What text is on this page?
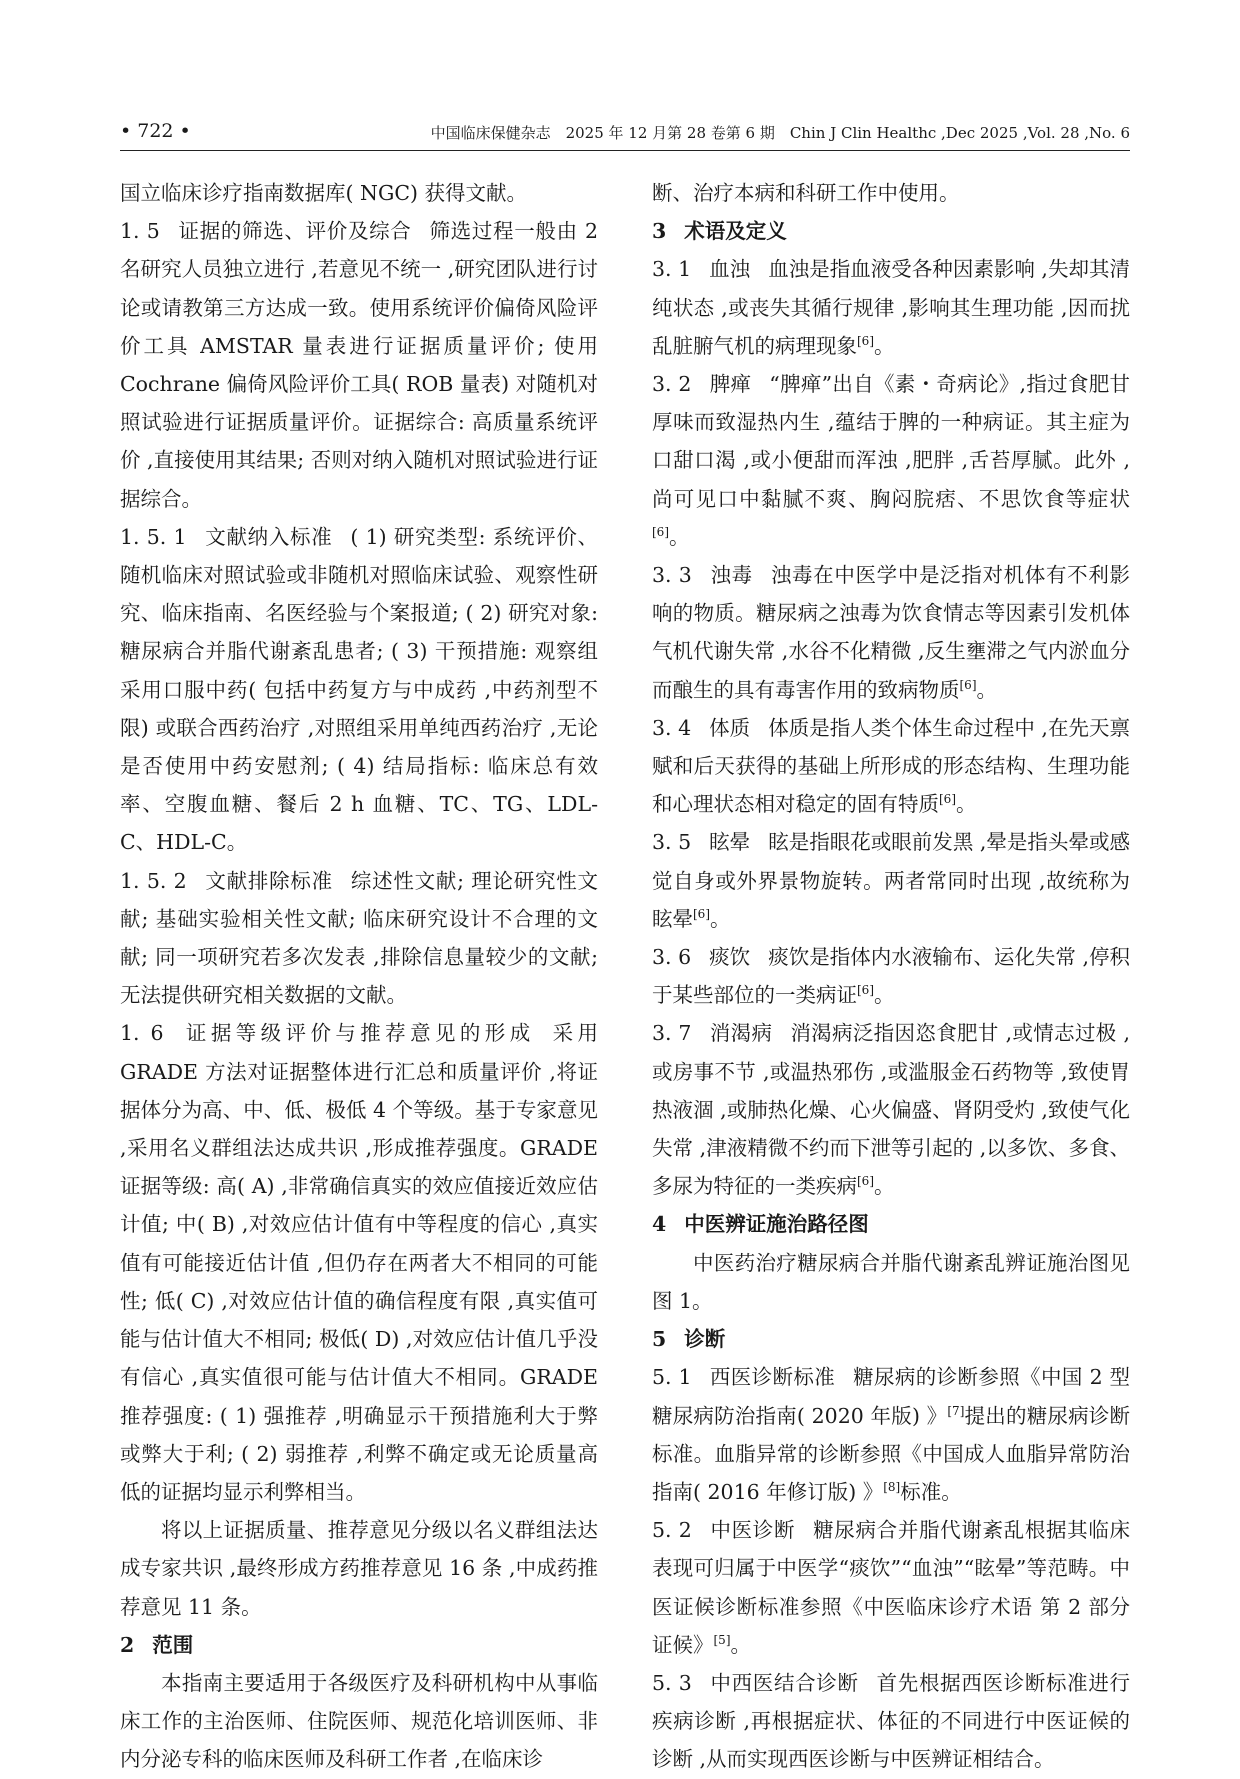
• 722 •	中国临床保健杂志　2025 年 12 月第 28 卷第 6 期　Chin J Clin Healthc ,Dec 2025 ,Vol. 28 ,No. 6

国立临床诊疗指南数据库( NGC) 获得文献。

1. 5 证据的筛选、评价及综合 筛选过程一般由 2 名研究人员独立进行 ,若意见不统一 ,研究团队进行讨论或请教第三方达成一致。使用系统评价偏倚风险评价工具 AMSTAR 量表进行证据质量评价; 使用 Cochrane 偏倚风险评价工具( ROB 量表) 对随机对照试验进行证据质量评价。证据综合: 高质量系统评价 ,直接使用其结果; 否则对纳入随机对照试验进行证据综合。

1. 5. 1 文献纳入标准 ( 1) 研究类型: 系统评价、随机临床对照试验或非随机对照临床试验、观察性研究、临床指南、名医经验与个案报道; ( 2) 研究对象: 糖尿病合并脂代谢紊乱患者; ( 3) 干预措施: 观察组采用口服中药( 包括中药复方与中成药 ,中药剂型不限) 或联合西药治疗 ,对照组采用单纯西药治疗 ,无论是否使用中药安慰剂; ( 4) 结局指标: 临床总有效率、空腹血糖、餐后 2 h 血糖、TC、TG、LDL-C、HDL-C。

1. 5. 2 文献排除标准 综述性文献; 理论研究性文献; 基础实验相关性文献; 临床研究设计不合理的文献; 同一项研究若多次发表 ,排除信息量较少的文献; 无法提供研究相关数据的文献。

1. 6 证据等级评价与推荐意见的形成 采用 GRADE 方法对证据整体进行汇总和质量评价 ,将证据体分为高、中、低、极低 4 个等级。基于专家意见 ,采用名义群组法达成共识 ,形成推荐强度。GRADE 证据等级: 高( A) ,非常确信真实的效应值接近效应估计值; 中( B) ,对效应估计值有中等程度的信心 ,真实值有可能接近估计值 ,但仍存在两者大不相同的可能性; 低( C) ,对效应估计值的确信程度有限 ,真实值可能与估计值大不相同; 极低( D) ,对效应估计值几乎没有信心 ,真实值很可能与估计值大不相同。GRADE 推荐强度: ( 1) 强推荐 ,明确显示干预措施利大于弊或弊大于利; ( 2) 弱推荐 ,利弊不确定或无论质量高低的证据均显示利弊相当。

将以上证据质量、推荐意见分级以名义群组法达成专家共识 ,最终形成方药推荐意见 16 条 ,中成药推荐意见 11 条。

2 范围

本指南主要适用于各级医疗及科研机构中从事临床工作的主治医师、住院医师、规范化培训医师、非内分泌专科的临床医师及科研工作者 ,在临床诊

断、治疗本病和科研工作中使用。

3 术语及定义

3. 1 血浊 血浊是指血液受各种因素影响 ,失却其清纯状态 ,或丧失其循行规律 ,影响其生理功能 ,因而扰乱脏腑气机的病理现象[6]。

3. 2 脾瘅 “脾瘅”出自《素・奇病论》,指过食肥甘厚味而致湿热内生 ,蕴结于脾的一种病证。其主症为口甜口渴 ,或小便甜而浑浊 ,肥胖 ,舌苔厚腻。此外 ,尚可见口中黏腻不爽、胸闷脘痞、不思饮食等症状[6]。

3. 3 浊毒 浊毒在中医学中是泛指对机体有不利影响的物质。糖尿病之浊毒为饮食情志等因素引发机体气机代谢失常 ,水谷不化精微 ,反生壅滞之气内淤血分而酿生的具有毒害作用的致病物质[6]。

3. 4 体质 体质是指人类个体生命过程中 ,在先天禀赋和后天获得的基础上所形成的形态结构、生理功能和心理状态相对稳定的固有特质[6]。

3. 5 眩晕 眩是指眼花或眼前发黑 ,晕是指头晕或感觉自身或外界景物旋转。两者常同时出现 ,故统称为眩晕[6]。

3. 6 痰饮 痰饮是指体内水液输布、运化失常 ,停积于某些部位的一类病证[6]。

3. 7 消渴病 消渴病泛指因恣食肥甘 ,或情志过极 ,或房事不节 ,或温热邪伤 ,或滥服金石药物等 ,致使胃热液涸 ,或肺热化燥、心火偏盛、肾阴受灼 ,致使气化失常 ,津液精微不约而下泄等引起的 ,以多饮、多食、多尿为特征的一类疾病[6]。

4 中医辨证施治路径图

中医药治疗糖尿病合并脂代谢紊乱辨证施治图见图 1。

5 诊断

5. 1 西医诊断标准 糖尿病的诊断参照《中国 2 型糖尿病防治指南( 2020 年版) 》[7]提出的糖尿病诊断标准。血脂异常的诊断参照《中国成人血脂异常防治指南( 2016 年修订版) 》[8]标准。

5. 2 中医诊断 糖尿病合并脂代谢紊乱根据其临床表现可归属于中医学“痰饮”“血浊”“眩晕”等范畴。中医证候诊断标准参照《中医临床诊疗术语 第 2 部分 证候》[5]。

5. 3 中西医结合诊断 首先根据西医诊断标准进行疾病诊断 ,再根据症状、体征的不同进行中医证候的诊断 ,从而实现西医诊断与中医辨证相结合。
